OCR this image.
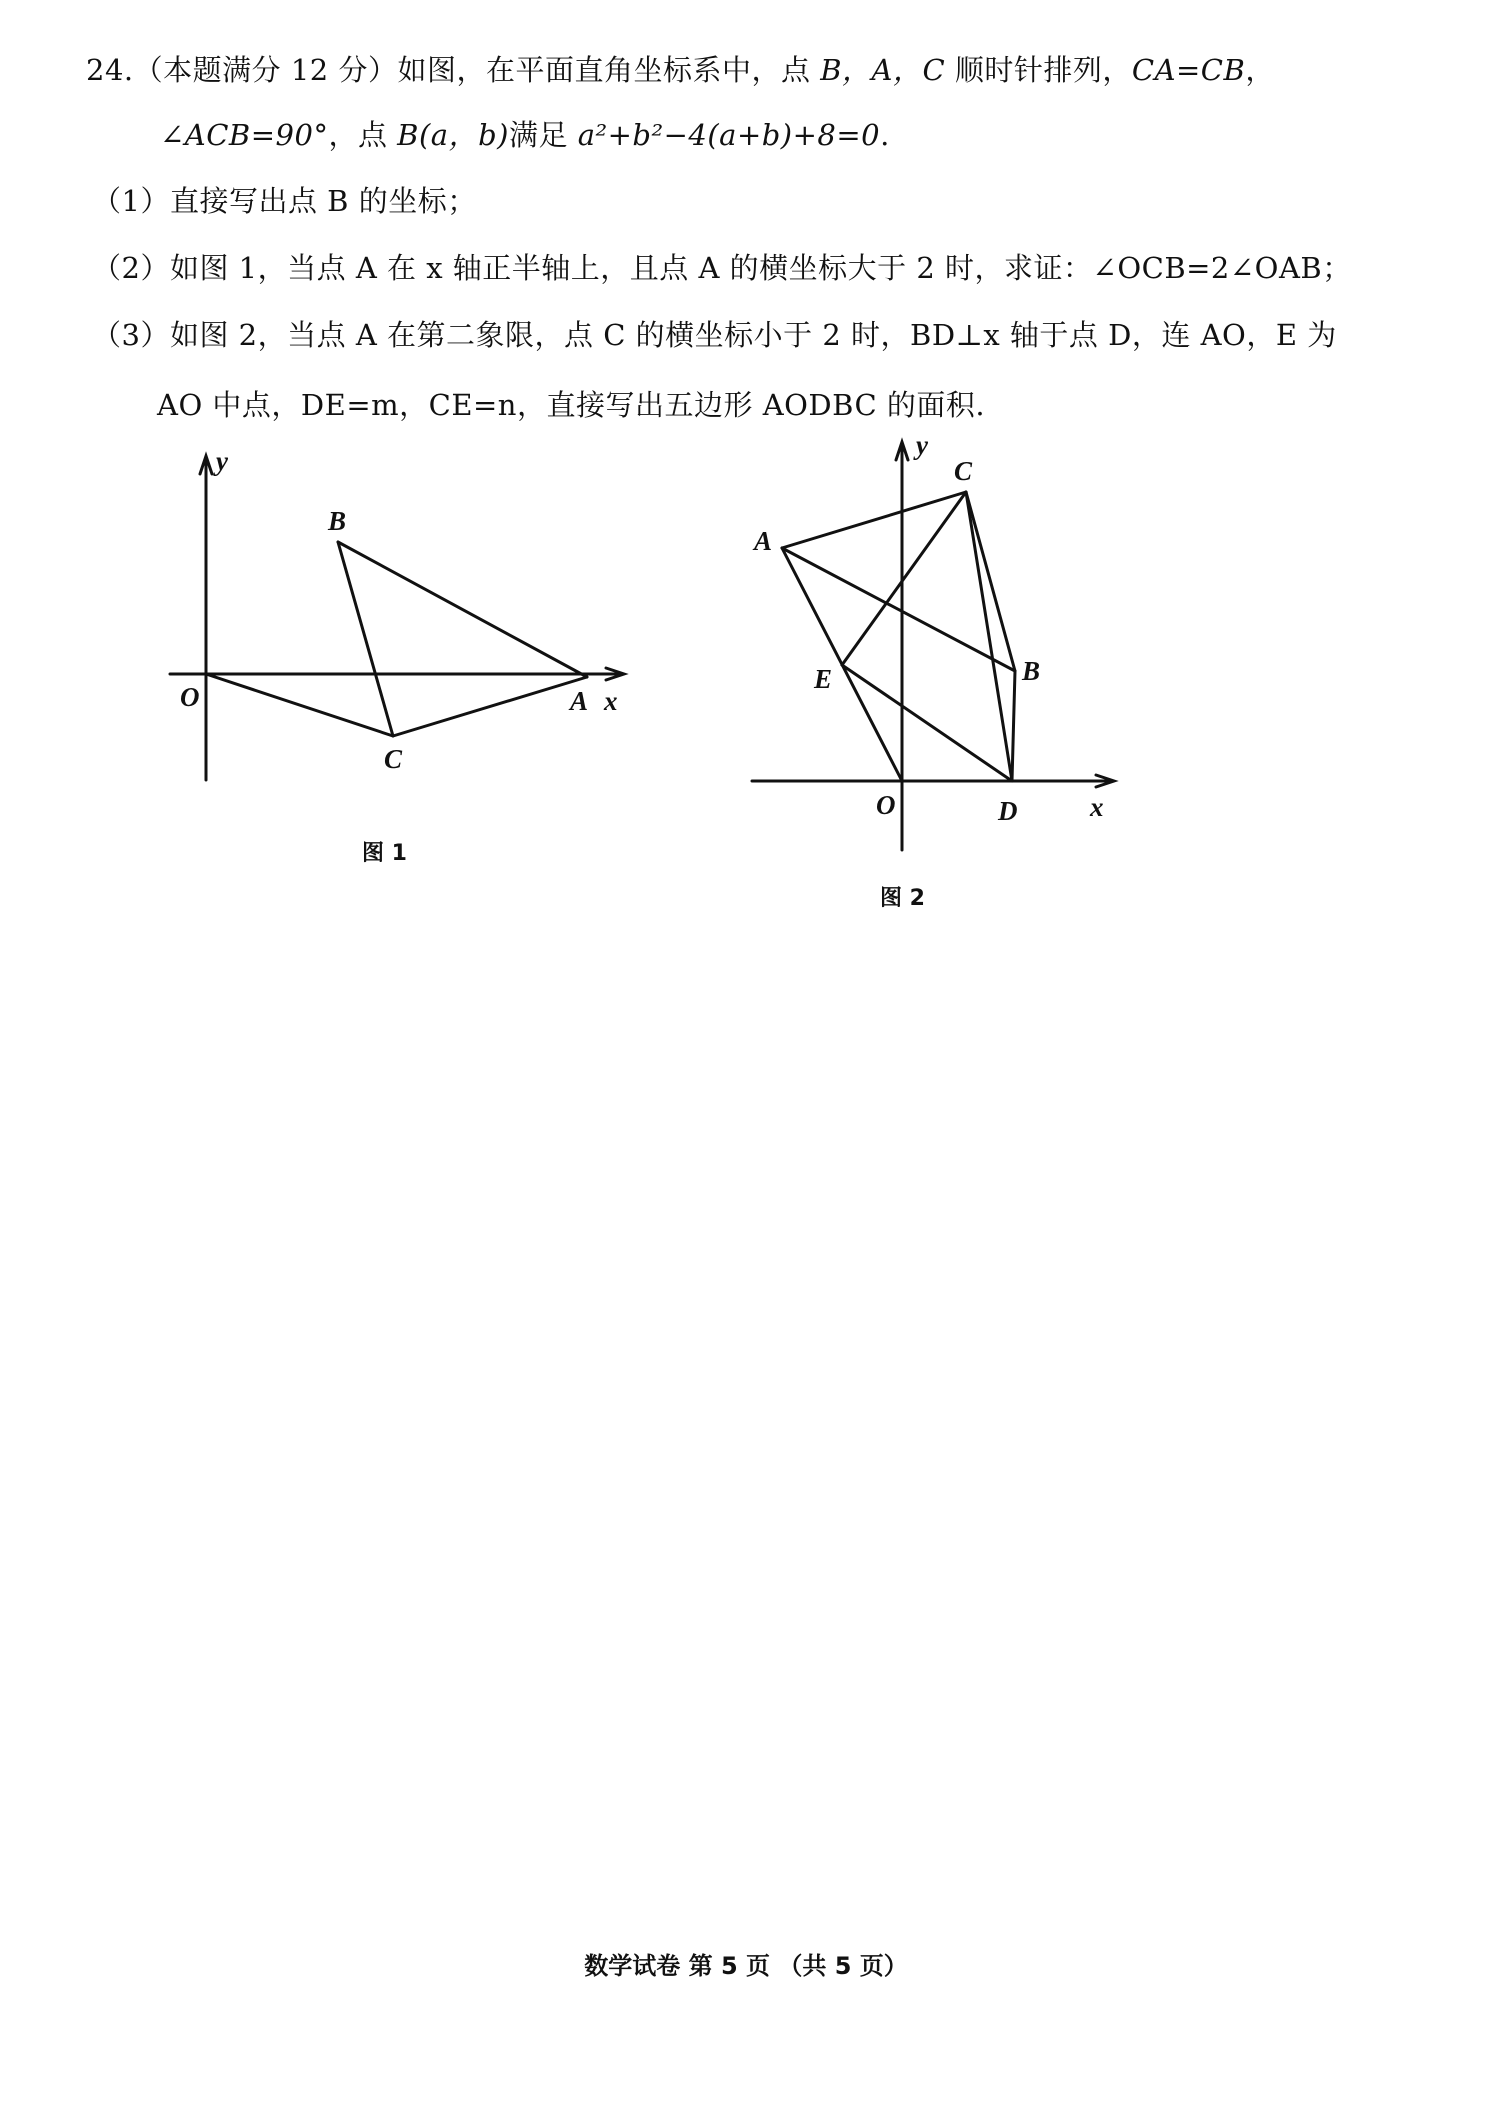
24.（本题满分 12 分）如图，在平面直角坐标系中，点 B，A，C 顺时针排列，CA=CB，
∠ACB=90°，点 B(a，b)满足 a²+b²−4(a+b)+8=0.
（1）直接写出点 B 的坐标；
（2）如图 1，当点 A 在 x 轴正半轴上，且点 A 的横坐标大于 2 时，求证：∠OCB=2∠OAB；
（3）如图 2，当点 A 在第二象限，点 C 的横坐标小于 2 时，BD⊥x 轴于点 D，连 AO，E 为
AO 中点，DE=m，CE=n，直接写出五边形 AODBC 的面积.
y
x
O	A
B
C
图 1
y
x
O
A
B
C
D
E
图 2
数学试卷 第 5 页 （共 5 页）
